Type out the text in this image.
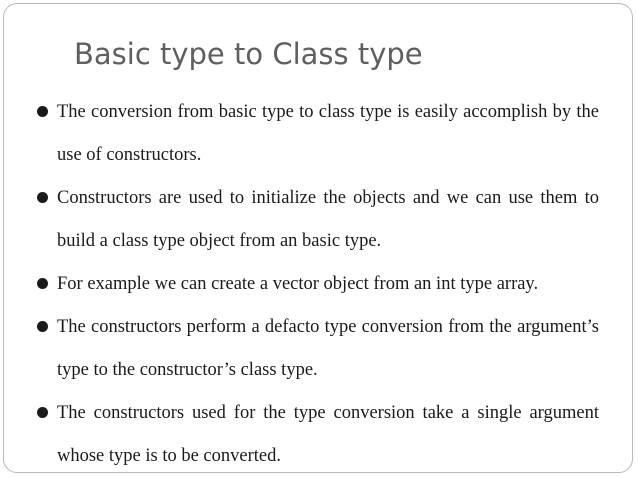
Basic type to Class type
The conversion from basic type to class type is easily accomplish by the use of constructors.
Constructors are used to initialize the objects and we can use them to build a class type object from an basic type.
For example we can create a vector object from an int type array.
The constructors perform a defacto type conversion from the argument’s type to the constructor’s class type.
The constructors used for the type conversion take a single argument whose type is to be converted.
